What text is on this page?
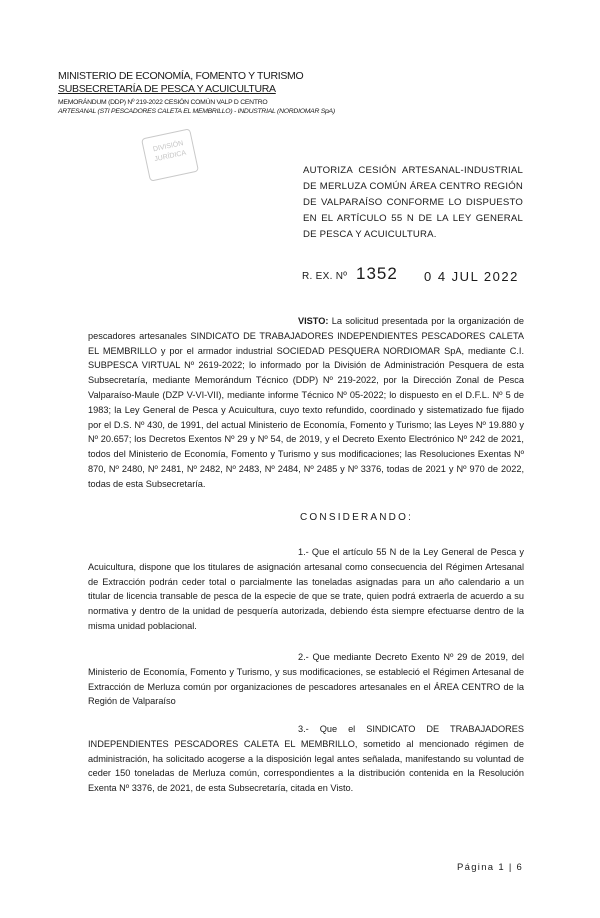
MINISTERIO DE ECONOMÍA, FOMENTO Y TURISMO
SUBSECRETARÍA DE PESCA Y ACUICULTURA
MEMORÁNDUM (DDP) Nº 219-2022 CESIÓN COMÚN VALP D CENTRO
ARTESANAL (STI PESCADORES CALETA EL MEMBRILLO) - INDUSTRIAL (NORDIOMAR SpA)
DIVISIÓN
JURÍDICA
AUTORIZA CESIÓN ARTESANAL-INDUSTRIAL DE MERLUZA COMÚN ÁREA CENTRO REGIÓN DE VALPARAÍSO CONFORME LO DISPUESTO EN EL ARTÍCULO 55 N DE LA LEY GENERAL DE PESCA Y ACUICULTURA.
R. EX. Nº 1352 0 4 JUL 2022

VISTO: La solicitud presentada por la organización de pescadores artesanales SINDICATO DE TRABAJADORES INDEPENDIENTES PESCADORES CALETA EL MEMBRILLO y por el armador industrial SOCIEDAD PESQUERA NORDIOMAR SpA, mediante C.I. SUBPESCA VIRTUAL Nº 2619-2022; lo informado por la División de Administración Pesquera de esta Subsecretaría, mediante Memorándum Técnico (DDP) Nº 219-2022, por la Dirección Zonal de Pesca Valparaíso-Maule (DZP V-VI-VII), mediante informe Técnico Nº 05-2022; lo dispuesto en el D.F.L. Nº 5 de 1983; la Ley General de Pesca y Acuicultura, cuyo texto refundido, coordinado y sistematizado fue fijado por el D.S. Nº 430, de 1991, del actual Ministerio de Economía, Fomento y Turismo; las Leyes Nº 19.880 y Nº 20.657; los Decretos Exentos Nº 29 y Nº 54, de 2019, y el Decreto Exento Electrónico Nº 242 de 2021, todos del Ministerio de Economía, Fomento y Turismo y sus modificaciones; las Resoluciones Exentas Nº 870, Nº 2480, Nº 2481, Nº 2482, Nº 2483, Nº 2484, Nº 2485 y Nº 3376, todas de 2021 y Nº 970 de 2022, todas de esta Subsecretaría.

CONSIDERANDO:

1.- Que el artículo 55 N de la Ley General de Pesca y Acuicultura, dispone que los titulares de asignación artesanal como consecuencia del Régimen Artesanal de Extracción podrán ceder total o parcialmente las toneladas asignadas para un año calendario a un titular de licencia transable de pesca de la especie de que se trate, quien podrá extraerla de acuerdo a su normativa y dentro de la unidad de pesquería autorizada, debiendo ésta siempre efectuarse dentro de la misma unidad poblacional.

2.- Que mediante Decreto Exento Nº 29 de 2019, del Ministerio de Economía, Fomento y Turismo, y sus modificaciones, se estableció el Régimen Artesanal de Extracción de Merluza común por organizaciones de pescadores artesanales en el ÁREA CENTRO de la Región de Valparaíso

3.- Que el SINDICATO DE TRABAJADORES INDEPENDIENTES PESCADORES CALETA EL MEMBRILLO, sometido al mencionado régimen de administración, ha solicitado acogerse a la disposición legal antes señalada, manifestando su voluntad de ceder 150 toneladas de Merluza común, correspondientes a la distribución contenida en la Resolución Exenta Nº 3376, de 2021, de esta Subsecretaría, citada en Visto.

Página 1 | 6
